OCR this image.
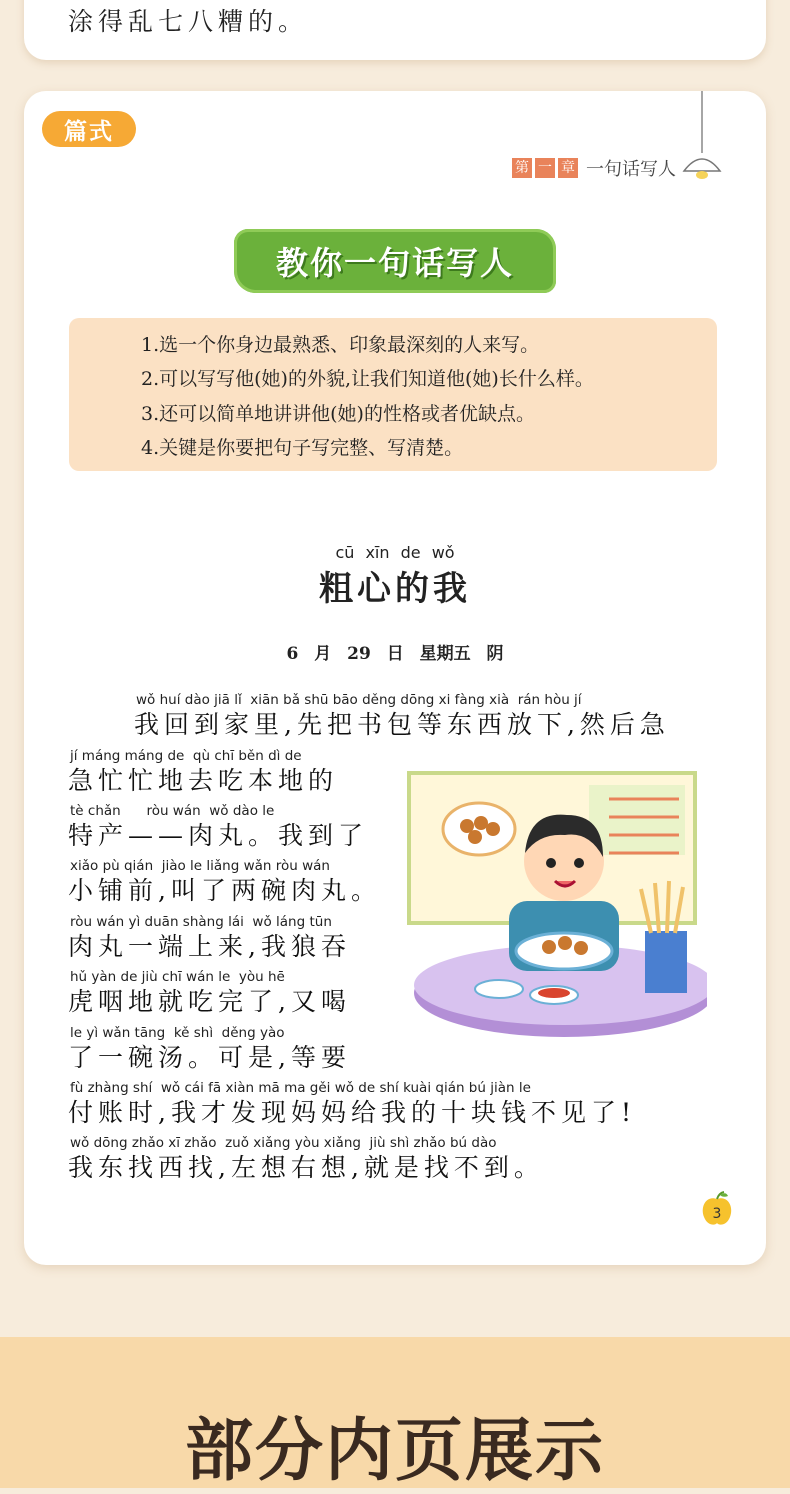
涂得乱七八糟的。
篇式
第 一 章 一句话写人
教你一句话写人
1.选一个你身边最熟悉、印象最深刻的人来写。
2.可以写写他(她)的外貌,让我们知道他(她)长什么样。
3.还可以简单地讲讲他(她)的性格或者优缺点。
4.关键是你要把句子写完整、写清楚。
cū xīn de wǒ
粗心的我
6 月 29 日 星期五 阴
wǒ huí dào jiā lǐ  xiān bǎ shū bāo děng dōng xi fàng xià  rán hòu jí
我回到家里,先把书包等东西放下,然后急
jí máng máng de  qù chī běn dì de
急忙忙地去吃本地的
tè chǎn      ròu wán  wǒ dào le
特产——肉丸。我到了
xiǎo pù qián  jiào le liǎng wǎn ròu wán
小铺前,叫了两碗肉丸。
ròu wán yì duān shàng lái  wǒ láng tūn
肉丸一端上来,我狼吞
hǔ yàn de jiù chī wán le  yòu hē
虎咽地就吃完了,又喝
le yì wǎn tāng  kě shì  děng yào
了一碗汤。可是,等要
fù zhàng shí  wǒ cái fā xiàn mā ma gěi wǒ de shí kuài qián bú jiàn le
付账时,我才发现妈妈给我的十块钱不见了!
wǒ dōng zhǎo xī zhǎo  zuǒ xiǎng yòu xiǎng  jiù shì zhǎo bú dào
我东找西找,左想右想,就是找不到。
3
部分内页展示
